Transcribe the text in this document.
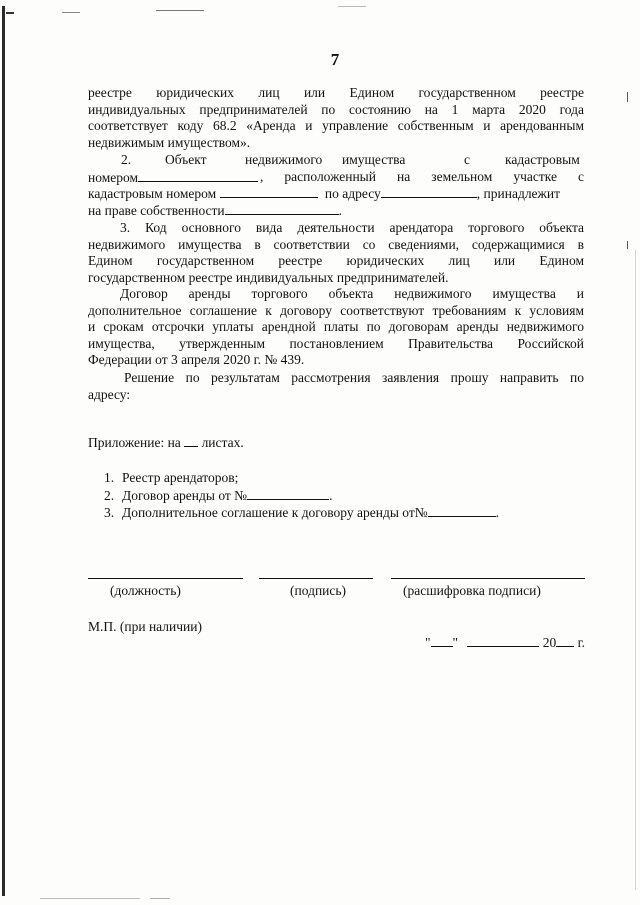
7
реестре юридических лиц или Едином государственном реестре
индивидуальных предпринимателей по состоянию на 1 марта 2020 года
соответствует коду 68.2 «Аренда и управление собственным и арендованным
недвижимым имуществом».
2.	Объект	недвижимого имущества	с	кадастровым
номером	, расположенный на земельном участке с
кадастровым номером	по адресу	, принадлежит
на праве собственности	.
3. Код основного вида деятельности арендатора торгового объекта
недвижимого имущества в соответствии со сведениями, содержащимися в
Едином государственном реестре юридических лиц или Едином
государственном реестре индивидуальных предпринимателей.
Договор аренды торгового объекта недвижимого имущества и
дополнительное соглашение к договору соответствуют требованиям к условиям
и срокам отсрочки уплаты арендной платы по договорам аренды недвижимого
имущества, утвержденным постановлением Правительства Российской
Федерации от 3 апреля 2020 г. № 439.
Решение по результатам рассмотрения заявления прошу направить по
адресу:
Приложение: на листах.
1. Реестр арендаторов;
2. Договор аренды от №	.
3. Дополнительное соглашение к договору аренды от№	.
(должность)	(подпись)	(расшифровка подписи)
М.П. (при наличии)
" "	20 г.
